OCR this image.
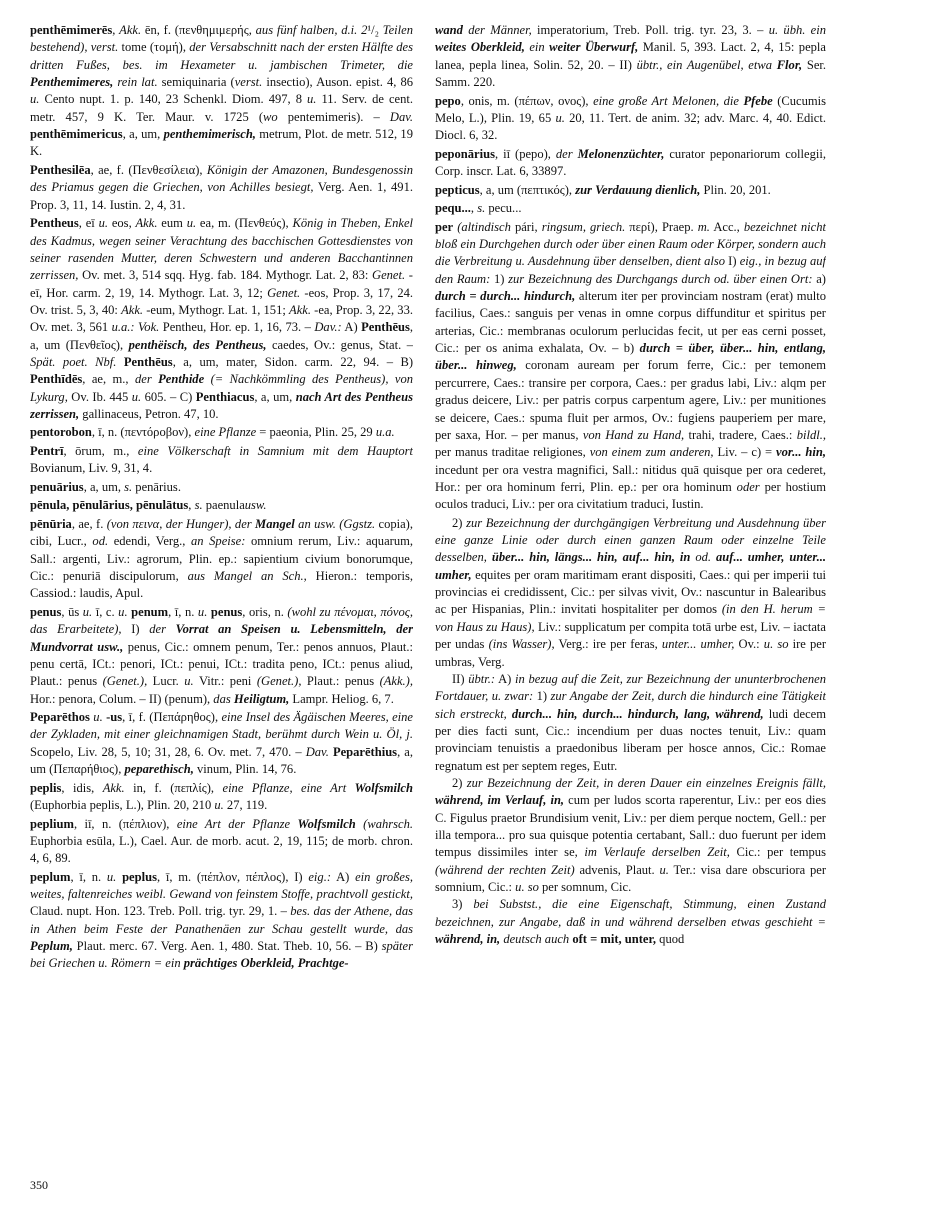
penthēmimerēs, Akk. ēn, f. (πενθημιμερής, aus fünf halben, d.i. 2¹/₂ Teilen bestehend), verst. tome (τομή), der Versabschnitt nach der ersten Hälfte des dritten Fußes, bes. im Hexameter u. jambischen Trimeter, die Penthemimeres, rein lat. semiquinaria (verst. insectio), Auson. epist. 4, 86 u. Cento nupt. 1. p. 140, 23 Schenkl. Diom. 497, 8 u. 11. Serv. de cent. metr. 457, 9 K. Ter. Maur. v. 1725 (wo pentemimeris). – Dav. penthēmimericus, a, um, penthemimerisch, metrum, Plot. de metr. 512, 19 K.

Penthesilēa, ae, f. (Πενθεσίλεια), Königin der Amazonen, Bundesgenossin des Priamus gegen die Griechen, von Achilles besiegt, Verg. Aen. 1, 491. Prop. 3, 11, 14. Iustin. 2, 4, 31.

Pentheus, eī u. eos, Akk. eum u. ea, m. (Πενθεύς), König in Theben, Enkel des Kadmus, wegen seiner Verachtung des bacchischen Gottesdienstes von seiner rasenden Mutter, deren Schwestern und anderen Bacchantinnen zerrissen, Ov. met. 3, 514 sqq. Hyg. fab. 184. Mythogr. Lat. 2, 83: Genet. -eī, Hor. carm. 2, 19, 14. Mythogr. Lat. 3, 12; Genet. -eos, Prop. 3, 17, 24. Ov. trist. 5, 3, 40: Akk. -eum, Mythogr. Lat. 1, 151; Akk. -ea, Prop. 3, 22, 33. Ov. met. 3, 561 u.a.: Vok. Pentheu, Hor. ep. 1, 16, 73. – Dav.: A) Penthēus, a, um (Πενθεῖος), penthëisch, des Pentheus, caedes, Ov.: genus, Stat. – Spät. poet. Nbf. Penthēus, a, um, mater, Sidon. carm. 22, 94. – B) Penthīdēs, ae, m., der Penthide (= Nachkömmling des Pentheus), von Lykurg, Ov. Ib. 445 u. 605. – C) Penthiacus, a, um, nach Art des Pentheus zerrissen, gallinaceus, Petron. 47, 10.

pentorobon, ī, n. (πεντόροβον), eine Pflanze = paeonia, Plin. 25, 29 u.a.

Pentrī, ōrum, m., eine Völkerschaft in Samnium mit dem Hauptort Bovianum, Liv. 9, 31, 4.

penuārius, a, um, s. penārius.

pēnula, pēnulārius, pēnulātus, s. paenulausw.

pēnūria, ae, f. (von πεινα, der Hunger), der Mangel an usw. (Ggstz. copia), cibi, Lucr., od. edendi, Verg., an Speise: omnium rerum, Liv.: aquarum, Sall.: argenti, Liv.: agrorum, Plin. ep.: sapientium civium bonorumque, Cic.: penuriā discipulorum, aus Mangel an Sch., Hieron.: temporis, Cassiod.: laudis, Apul.

penus, ūs u. ī, c. u. penum, ī, n. u. penus, oris, n. (wohl zu πένομαι, πόνος, das Erarbeitete), I) der Vorrat an Speisen u. Lebensmitteln, der Mundvorrat usw., penus, Cic.: omnem penum, Ter.: penos annuos, Plaut.: penu certā, ICt.: penori, ICt.: penui, ICt.: tradita peno, ICt.: penus aliud, Plaut.: penus (Genet.), Lucr. u. Vitr.: peni (Genet.), Plaut.: penus (Akk.), Hor.: penora, Colum. – II) (penum), das Heiligtum, Lampr. Heliog. 6, 7.

Peparēthos u. -us, ī, f. (Πεπάρηθος), eine Insel des Ägäischen Meeres, eine der Zykladen, mit einer gleichnamigen Stadt, berühmt durch Wein u. Öl, j. Scopelo, Liv. 28, 5, 10; 31, 28, 6. Ov. met. 7, 470. – Dav. Peparēthius, a, um (Πεπαρήθιος), peparethisch, vinum, Plin. 14, 76.

peplis, idis, Akk. in, f. (πεπλίς), eine Pflanze, eine Art Wolfsmilch (Euphorbia peplis, L.), Plin. 20, 210 u. 27, 119.

peplium, iī, n. (πέπλιον), eine Art der Pflanze Wolfsmilch (wahrsch. Euphorbia esūla, L.), Cael. Aur. de morb. acut. 2, 19, 115; de morb. chron. 4, 6, 89.

peplum, ī, n. u. peplus, ī, m. (πέπλον, πέπλος), I) eig.: A) ein großes, weites, faltenreiches weibl. Gewand von feinstem Stoffe, prachtvoll gestickt, Claud. nupt. Hon. 123. Treb. Poll. trig. tyr. 29, 1. – bes. das der Athene, das in Athen beim Feste der Panathenäen zur Schau gestellt wurde, das Peplum, Plaut. merc. 67. Verg. Aen. 1, 480. Stat. Theb. 10, 56. – B) später bei Griechen u. Römern = ein prächtiges Oberkleid, Prachtge-

wand der Männer, imperatorium, Treb. Poll. trig. tyr. 23, 3. – u. übh. ein weites Oberkleid, ein weiter Überwurf, Manil. 5, 393. Lact. 2, 4, 15: pepla lanea, pepla linea, Solin. 52, 20. – II) übtr., ein Augenübel, etwa Flor, Ser. Samm. 220.

pepo, onis, m. (πέπων, ονος), eine große Art Melonen, die Pfebe (Cucumis Melo, L.), Plin. 19, 65 u. 20, 11. Tert. de anim. 32; adv. Marc. 4, 40. Edict. Diocl. 6, 32.

peponārius, iī (pepo), der Melonenzüchter, curator peponariorum collegii, Corp. inscr. Lat. 6, 33897.

pepticus, a, um (πεπτικός), zur Verdauung dienlich, Plin. 20, 201.

pequ..., s. pecu...

per (altindisch pári, ringsum, griech. περί), Praep. m. Acc., bezeichnet nicht bloß ein Durchgehen durch oder über einen Raum oder Körper, sondern auch die Verbreitung u. Ausdehnung über denselben, dient also I) eig., in bezug auf den Raum: 1) zur Bezeichnung des Durchgangs durch od. über einen Ort: a) durch = durch... hindurch, alterum iter per provinciam nostram (erat) multo facilius, Caes.: sanguis per venas in omne corpus diffunditur et spiritus per arterias, Cic.: membranas oculorum perlucidas fecit, ut per eas cerni posset, Cic.: per os anima exhalata, Ov. – b) durch = über, über... hin, entlang, über... hinweg, coronam auream per forum ferre, Cic.: per temonem percurrere, Caes.: transire per corpora, Caes.: per gradus labi, Liv.: alqm per gradus deicere, Liv.: per patris corpus carpentum agere, Liv.: per munitiones se deicere, Caes.: spuma fluit per armos, Ov.: fugiens pauperiem per mare, per saxa, Hor. – per manus, von Hand zu Hand, trahi, tradere, Caes.: bildl., per manus traditae religiones, von einem zum anderen, Liv. – c) = vor... hin, incedunt per ora vestra magnifici, Sall.: nitidus quā quisque per ora cederet, Hor.: per ora hominum ferri, Plin. ep.: per ora hominum oder per hostium oculos traduci, Liv.: per ora civitatium traduci, Iustin.

2) zur Bezeichnung der durchgängigen Verbreitung und Ausdehnung über eine ganze Linie oder durch einen ganzen Raum oder einzelne Teile desselben, über... hin, längs... hin, auf... hin, in od. auf... umher, unter... umher, equites per oram maritimam erant dispositi, Caes.: qui per imperii tui provincias ei credidissent, Cic.: per silvas vivit, Ov.: nascuntur in Balearibus ac per Hispanias, Plin.: invitati hospitaliter per domos (in den H. herum = von Haus zu Haus), Liv.: supplicatum per compita totā urbe est, Liv. – iactata per undas (ins Wasser), Verg.: ire per feras, unter... umher, Ov.: u. so ire per umbras, Verg.

II) übtr.: A) in bezug auf die Zeit, zur Bezeichnung der ununterbrochenen Fortdauer, u. zwar: 1) zur Angabe der Zeit, durch die hindurch eine Tätigkeit sich erstreckt, durch... hin, durch... hindurch, lang, während, ludi decem per dies facti sunt, Cic.: incendium per duas noctes tenuit, Liv.: quam provinciam tenuistis a praedonibus liberam per hosce annos, Cic.: Romae regnatum est per septem reges, Eutr.

2) zur Bezeichnung der Zeit, in deren Dauer ein einzelnes Ereignis fällt, während, im Verlauf, in, cum per ludos scorta raperentur, Liv.: per eos dies C. Figulus praetor Brundisium venit, Liv.: per diem perque noctem, Gell.: per illa tempora... pro sua quisque potentia certabant, Sall.: duo fuerunt per idem tempus dissimiles inter se, im Verlaufe derselben Zeit, Cic.: per tempus (während der rechten Zeit) advenis, Plaut. u. Ter.: visa dare obscuriora per somnium, Cic.: u. so per somnum, Cic.

3) bei Substst., die eine Eigenschaft, Stimmung, einen Zustand bezeichnen, zur Angabe, daß in und während derselben etwas geschieht = während, in, deutsch auch oft = mit, unter, quod

350
